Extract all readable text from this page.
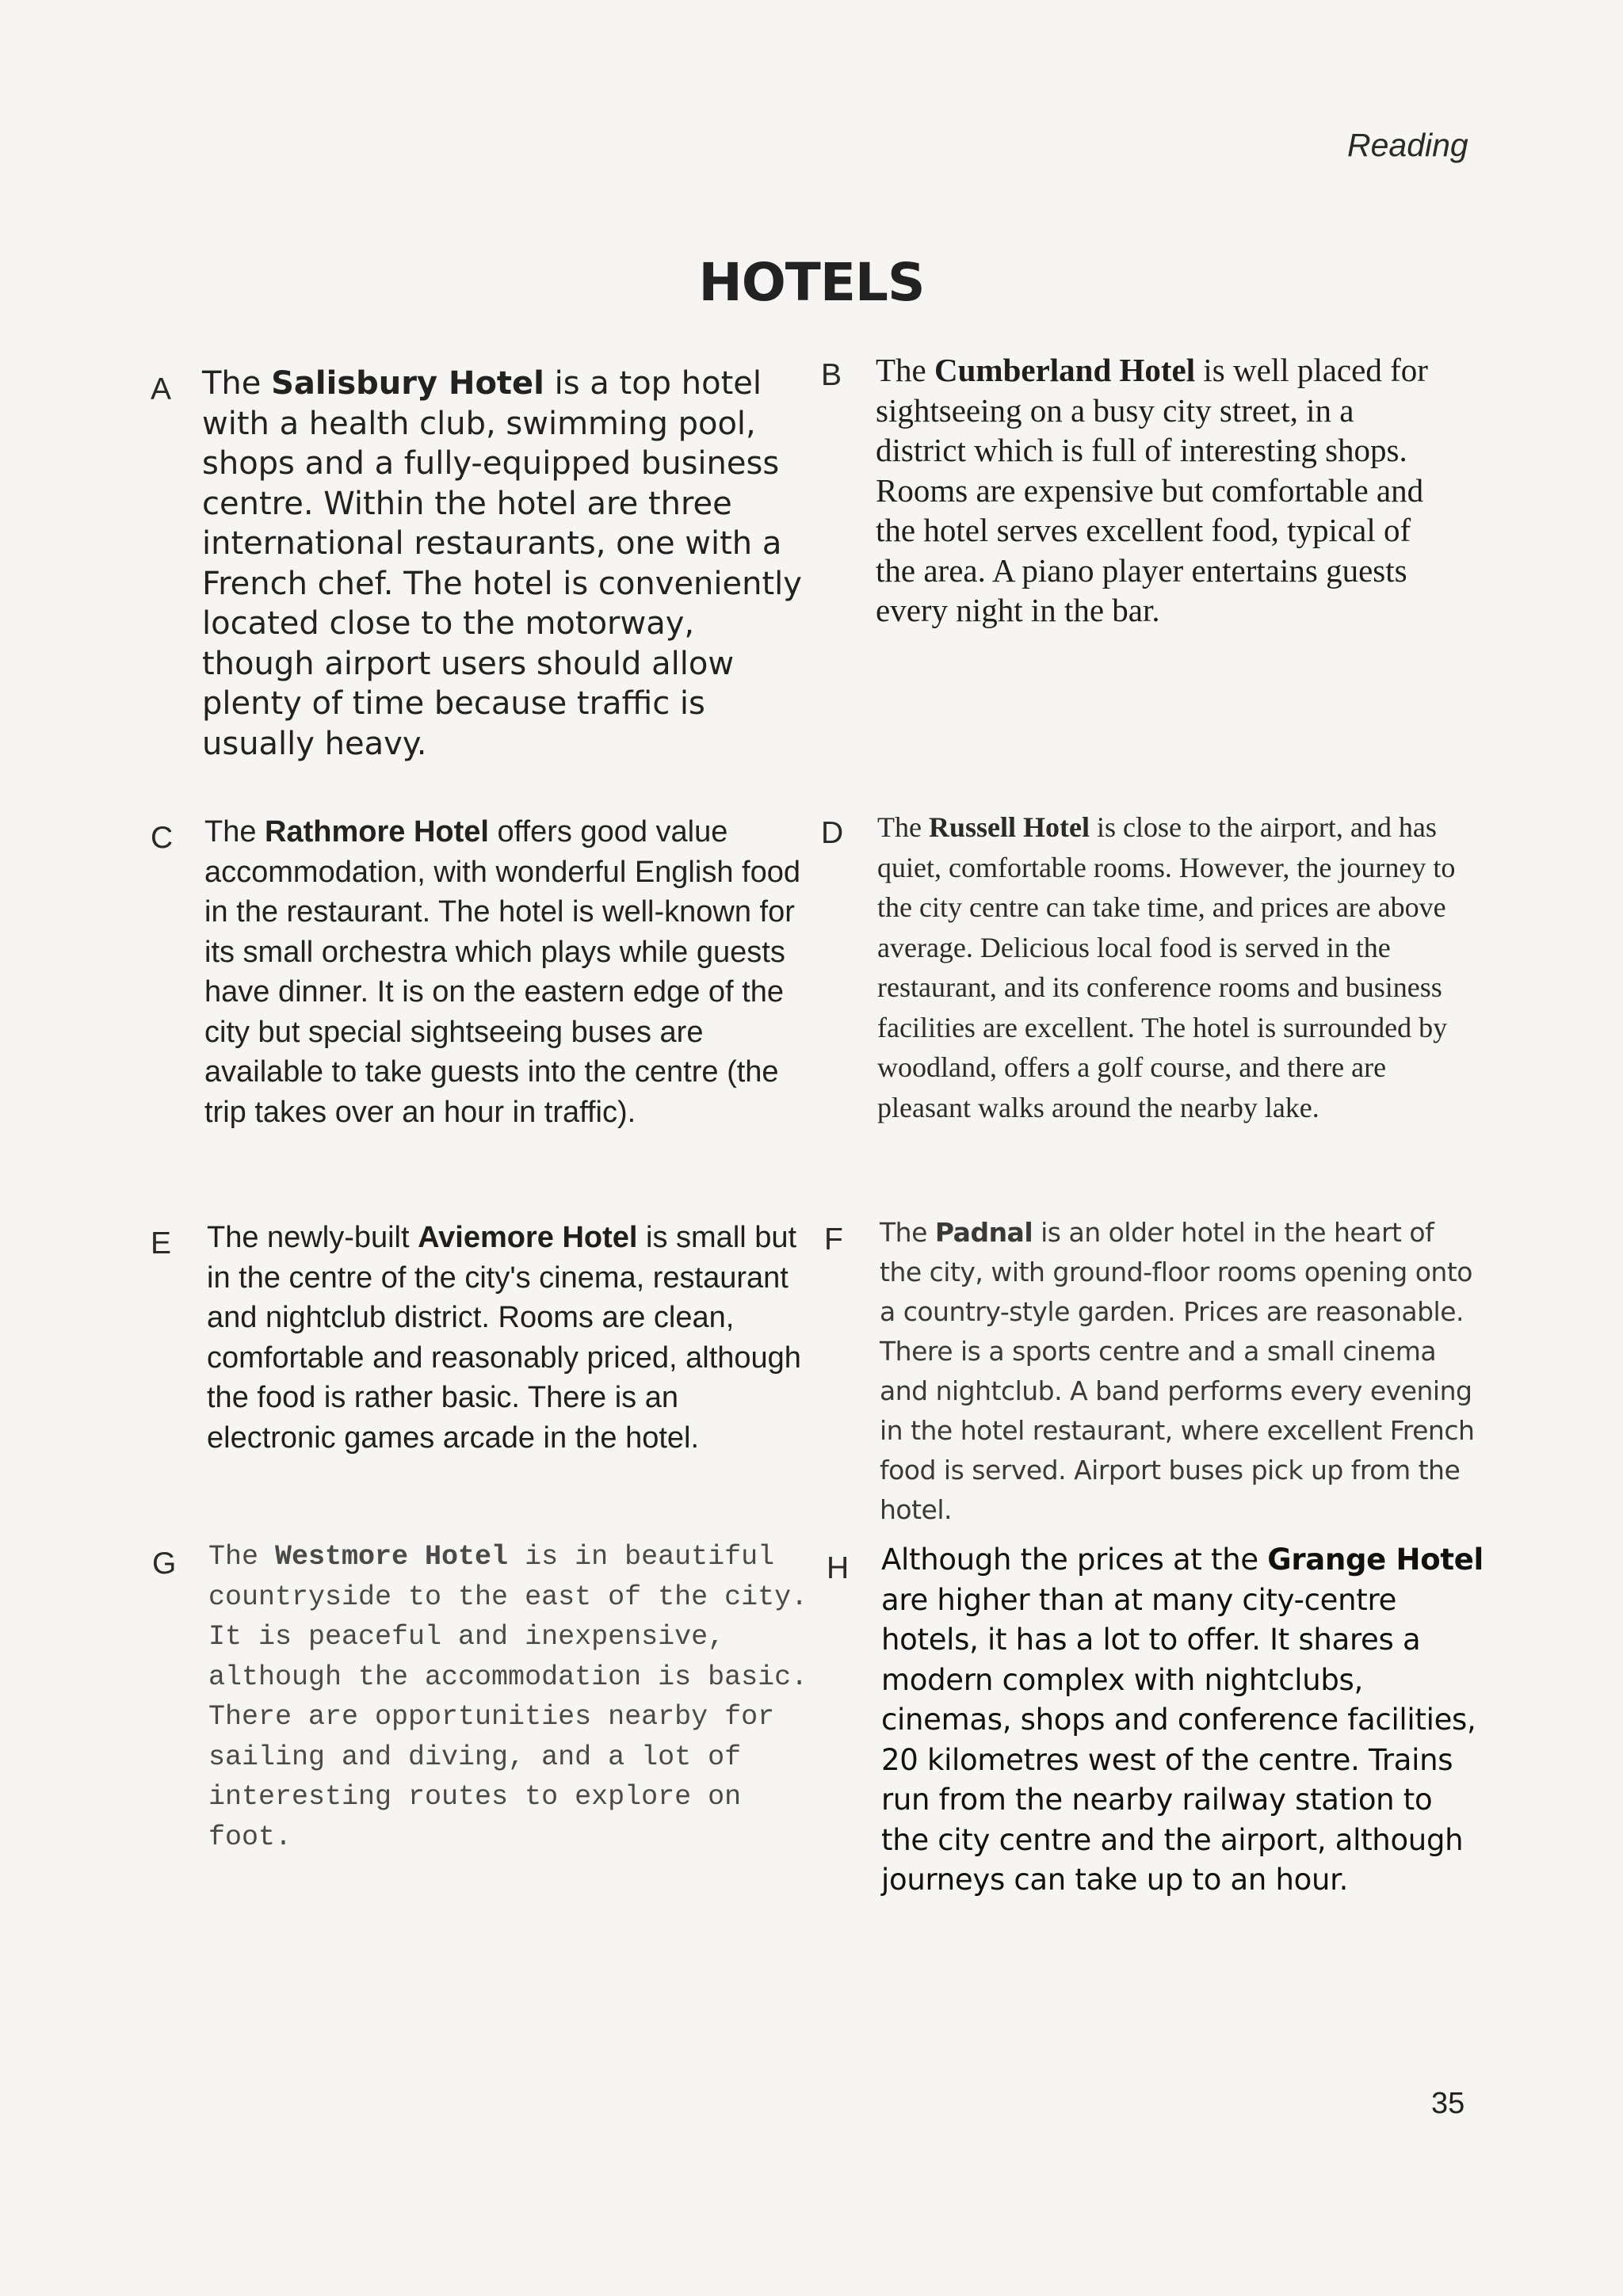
Reading
HOTELS
A The Salisbury Hotel is a top hotel with a health club, swimming pool, shops and a fully-equipped business centre. Within the hotel are three international restaurants, one with a French chef. The hotel is conveniently located close to the motorway, though airport users should allow plenty of time because traffic is usually heavy.
B The Cumberland Hotel is well placed for sightseeing on a busy city street, in a district which is full of interesting shops. Rooms are expensive but comfortable and the hotel serves excellent food, typical of the area. A piano player entertains guests every night in the bar.
C The Rathmore Hotel offers good value accommodation, with wonderful English food in the restaurant. The hotel is well-known for its small orchestra which plays while guests have dinner. It is on the eastern edge of the city but special sightseeing buses are available to take guests into the centre (the trip takes over an hour in traffic).
D The Russell Hotel is close to the airport, and has quiet, comfortable rooms. However, the journey to the city centre can take time, and prices are above average. Delicious local food is served in the restaurant, and its conference rooms and business facilities are excellent. The hotel is surrounded by woodland, offers a golf course, and there are pleasant walks around the nearby lake.
E The newly-built Aviemore Hotel is small but in the centre of the city's cinema, restaurant and nightclub district. Rooms are clean, comfortable and reasonably priced, although the food is rather basic. There is an electronic games arcade in the hotel.
F The Padnal is an older hotel in the heart of the city, with ground-floor rooms opening onto a country-style garden. Prices are reasonable. There is a sports centre and a small cinema and nightclub. A band performs every evening in the hotel restaurant, where excellent French food is served. Airport buses pick up from the hotel.
G The Westmore Hotel is in beautiful countryside to the east of the city. It is peaceful and inexpensive, although the accommodation is basic. There are opportunities nearby for sailing and diving, and a lot of interesting routes to explore on foot.
H Although the prices at the Grange Hotel are higher than at many city-centre hotels, it has a lot to offer. It shares a modern complex with nightclubs, cinemas, shops and conference facilities, 20 kilometres west of the centre. Trains run from the nearby railway station to the city centre and the airport, although journeys can take up to an hour.
35
